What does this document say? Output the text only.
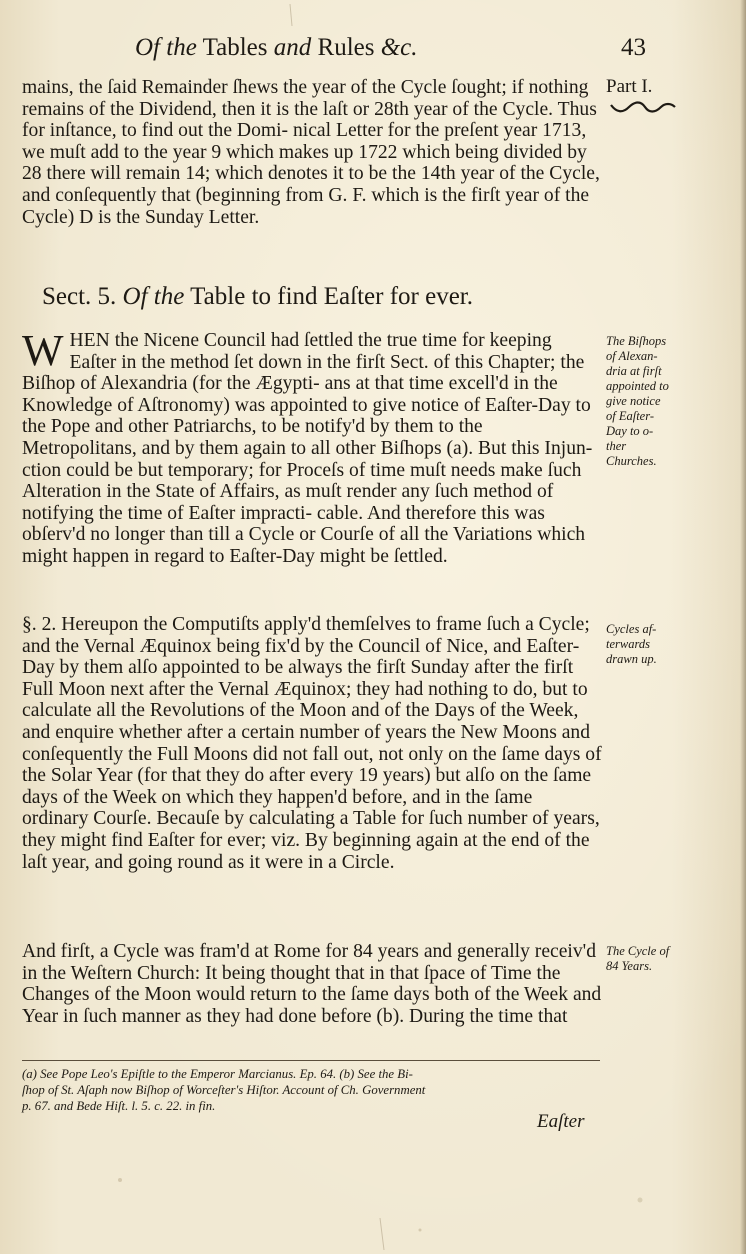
Of the Tables and Rules &c.	43
mains, the ſaid Remainder ſhews the year of the Cycle ſought; if nothing remains of the Dividend, then it is the laſt or 28th year of the Cycle. Thus for inſtance, to find out the Domi- nical Letter for the preſent year 1713, we muſt add to the year 9 which makes up 1722 which being divided by 28 there will remain 14; which denotes it to be the 14th year of the Cycle, and conſequently that (beginning from G. F. which is the firſt year of the Cycle) D is the Sunday Letter.
Sect. 5. Of the Table to find Eaſter for ever.
W HEN the Nicene Council had ſettled the true time for keeping Eaſter in the method ſet down in the firſt Sect. of this Chapter; the Biſhop of Alexandria (for the Ægypti- ans at that time excell'd in the Knowledge of Aſtronomy) was appointed to give notice of Eaſter-Day to the Pope and other Patriarchs, to be notify'd by them to the Metropolitans, and by them again to all other Biſhops (a). But this Injun- ction could be but temporary; for Proceſs of time muſt needs make ſuch Alteration in the State of Affairs, as muſt render any ſuch method of notifying the time of Eaſter impracti- cable. And therefore this was obſerv'd no longer than till a Cycle or Courſe of all the Variations which might happen in regard to Eaſter-Day might be ſettled.
§. 2. Hereupon the Computiſts apply'd themſelves to frame ſuch a Cycle; and the Vernal Æquinox being fix'd by the Council of Nice, and Eaſter-Day by them alſo appointed to be always the firſt Sunday after the firſt Full Moon next after the Vernal Æquinox; they had nothing to do, but to calculate all the Revolutions of the Moon and of the Days of the Week, and enquire whether after a certain number of years the New Moons and conſequently the Full Moons did not fall out, not only on the ſame days of the Solar Year (for that they do after every 19 years) but alſo on the ſame days of the Week on which they happen'd before, and in the ſame ordinary Courſe. Becauſe by calculating a Table for ſuch number of years, they might find Eaſter for ever; viz. By beginning again at the end of the laſt year, and going round as it were in a Circle.
And firſt, a Cycle was fram'd at Rome for 84 years and generally receiv'd in the Weſtern Church: It being thought that in that ſpace of Time the Changes of the Moon would return to the ſame days both of the Week and Year in ſuch manner as they had done before (b). During the time that
Part I.
The Biſhops
of Alexan-
dria at firſt
appointed to
give notice
of Eaſter-
Day to o-
ther
Churches.
Cycles af-
terwards
drawn up.
The Cycle of
84 Years.
(a) See Pope Leo's Epiſtle to the Emperor Marcianus. Ep. 64. (b) See the Bi-
ſhop of St. Aſaph now Biſhop of Worceſter's Hiſtor. Account of Ch. Government
p. 67. and Bede Hiſt. l. 5. c. 22. in fin.
Eaſter
